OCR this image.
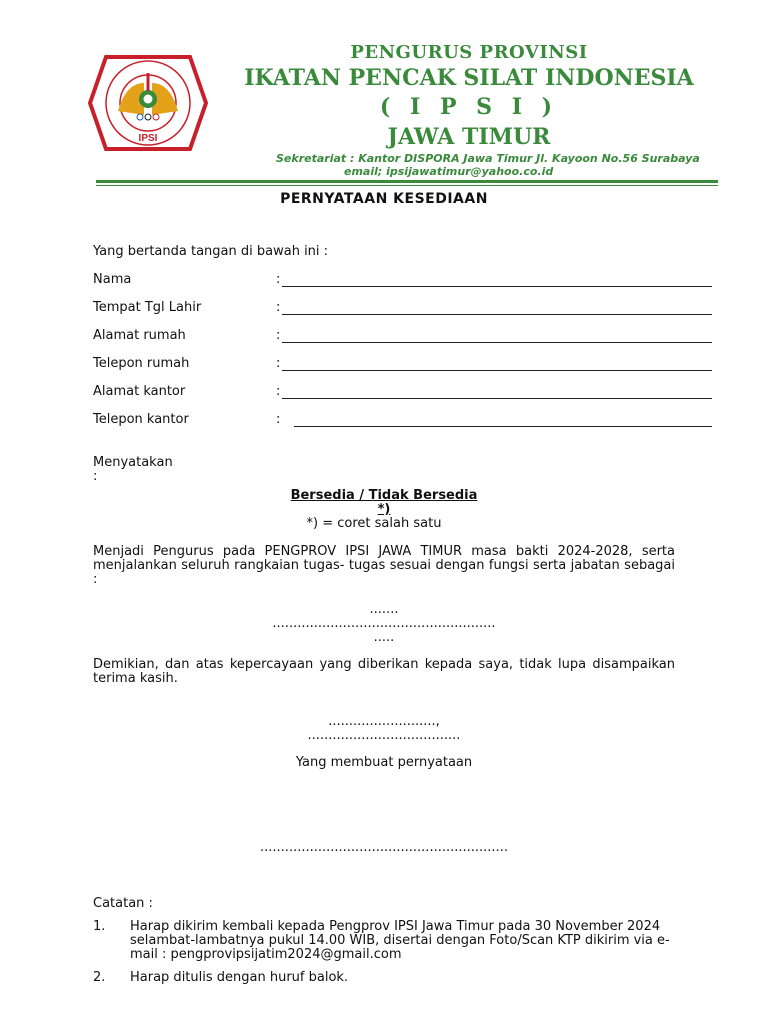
IPSI
PENGURUS PROVINSI
IKATAN PENCAK SILAT INDONESIA
( I P S I )
JAWA TIMUR
Sekretariat : Kantor DISPORA Jawa Timur Jl. Kayoon No.56 Surabaya
email; ipsijawatimur@yahoo.co.id
PERNYATAAN KESEDIAAN
Yang bertanda tangan di bawah ini :
Nama	:
Tempat Tgl Lahir	:
Alamat rumah	:
Telepon rumah	:
Alamat kantor	:
Telepon kantor	:
Menyatakan
:
Bersedia / Tidak Bersedia
*)
*) = coret salah satu
Menjadi Pengurus pada PENGPROV IPSI JAWA TIMUR masa bakti 2024-2028, serta menjalankan seluruh rangkaian tugas- tugas sesuai dengan fungsi serta jabatan sebagai :
.......
......................................................
.....
Demikian, dan atas kepercayaan yang diberikan kepada saya, tidak lupa disampaikan terima kasih.
..........................,
.....................................
Yang membuat pernyataan
............................................................
Catatan :
1. Harap dikirim kembali kepada Pengprov IPSI Jawa Timur pada 30 November 2024 selambat-lambatnya pukul 14.00 WIB, disertai dengan Foto/Scan KTP dikirim via e-mail : pengprovipsijatim2024@gmail.com
2. Harap ditulis dengan huruf balok.
